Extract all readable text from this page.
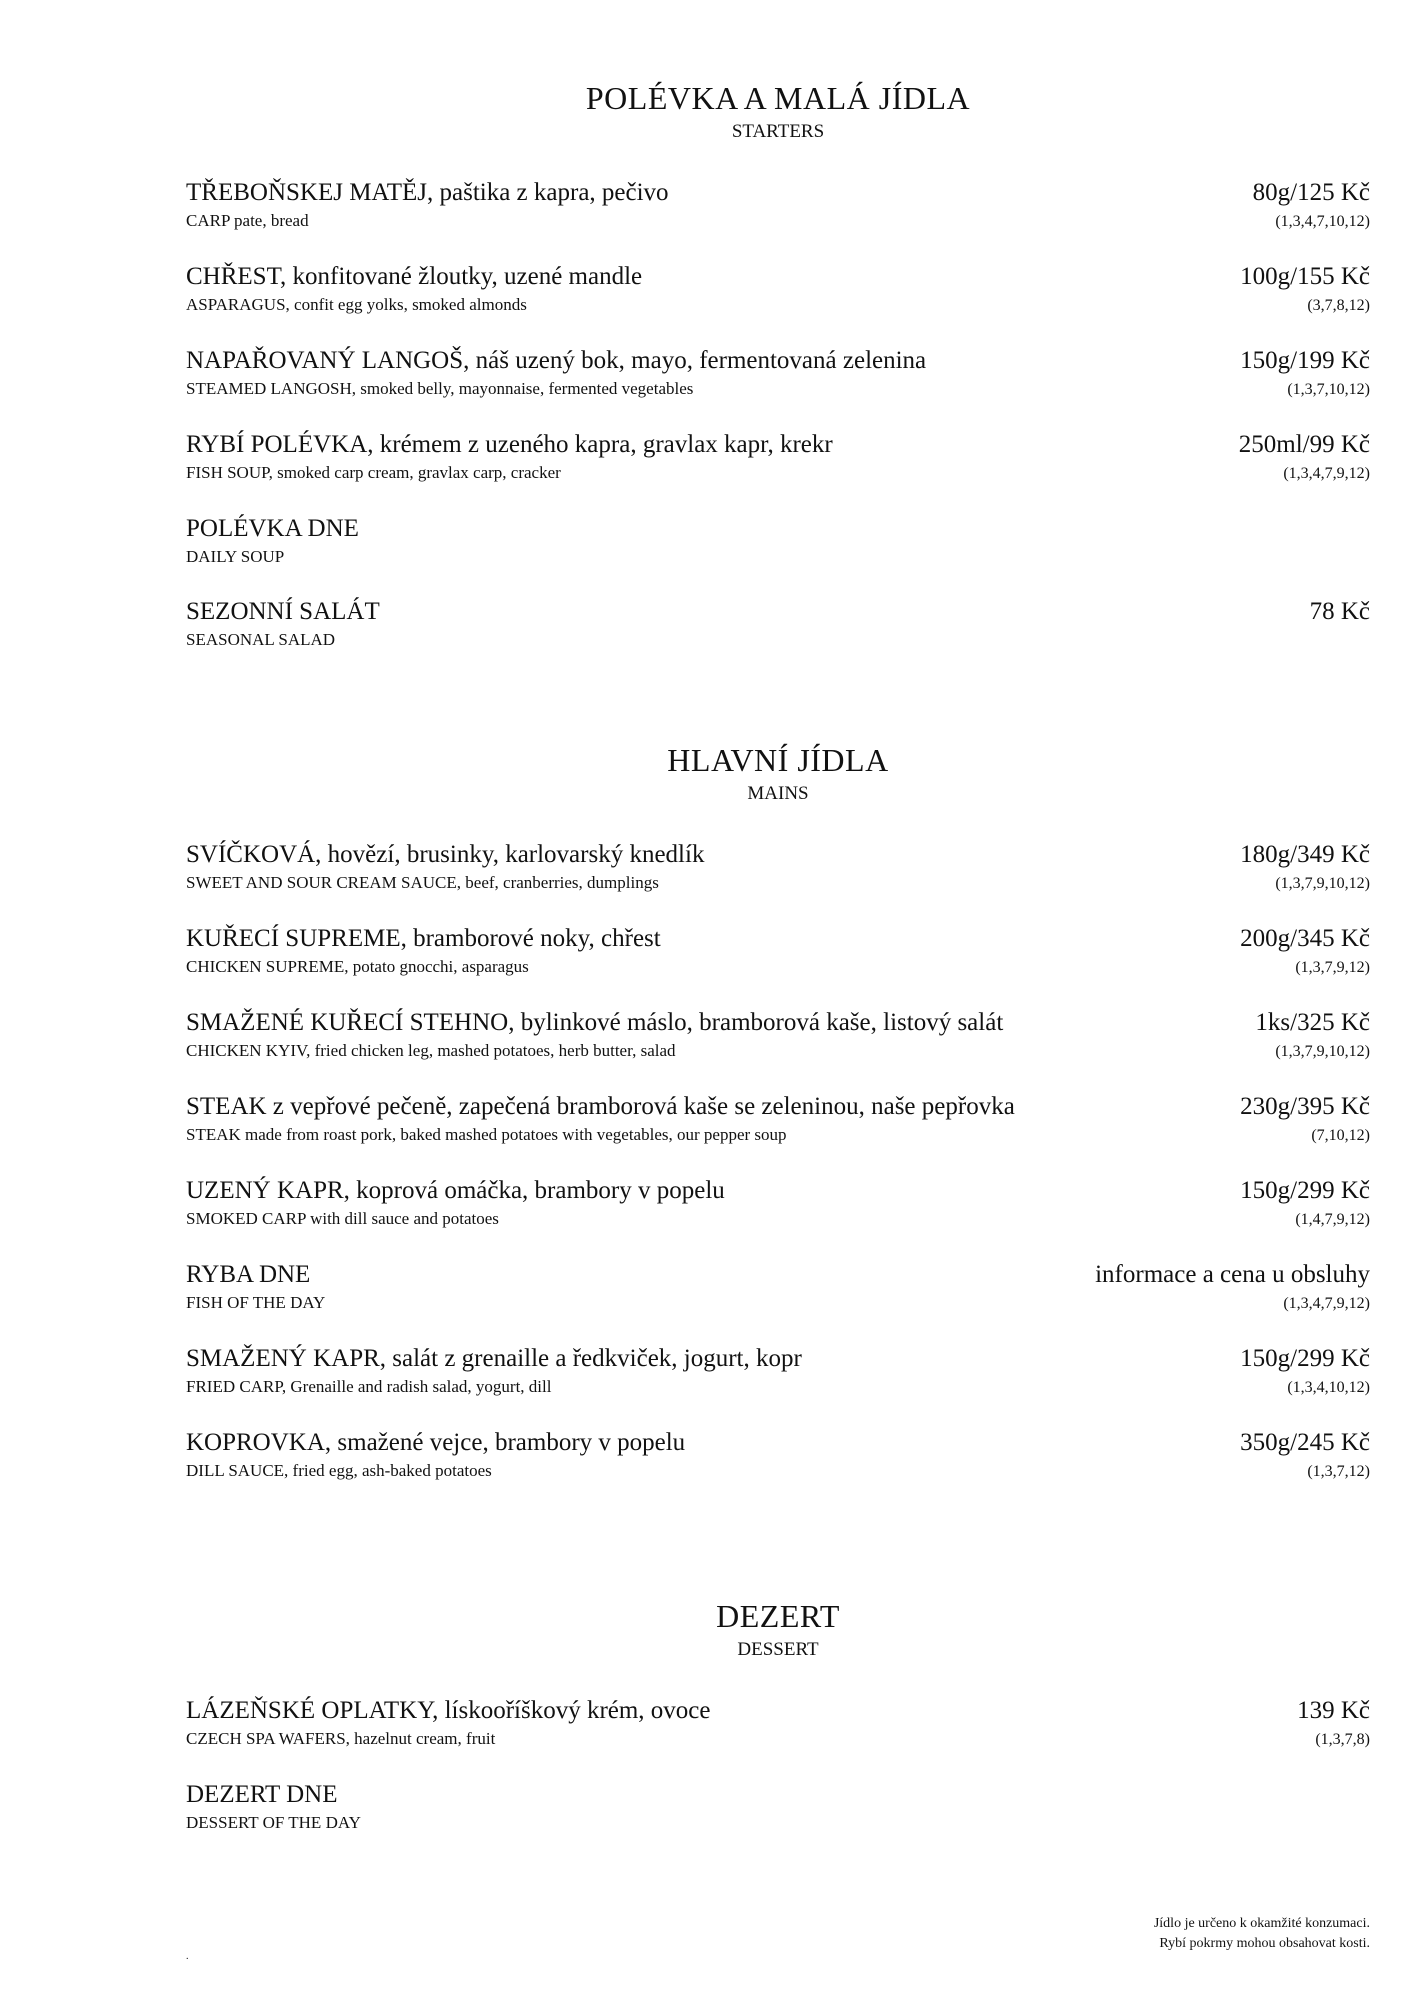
POLÉVKA A MALÁ JÍDLA
STARTERS
TŘEBOŇSKEJ MATĚJ, paštika z kapra, pečivo	80g/125 Kč
CARP pate, bread	(1,3,4,7,10,12)
CHŘEST, konfitované žloutky, uzené mandle	100g/155 Kč
ASPARAGUS, confit egg yolks, smoked almonds	(3,7,8,12)
NAPAŘOVANÝ LANGOŠ, náš uzený bok, mayo, fermentovaná zelenina	150g/199 Kč
STEAMED LANGOSH, smoked belly, mayonnaise, fermented vegetables	(1,3,7,10,12)
RYBÍ POLÉVKA, krémem z uzeného kapra, gravlax kapr, krekr	250ml/99 Kč
FISH SOUP, smoked carp cream, gravlax carp, cracker	(1,3,4,7,9,12)
POLÉVKA DNE
DAILY SOUP
SEZONNÍ SALÁT	78 Kč
SEASONAL SALAD
HLAVNÍ JÍDLA
MAINS
SVÍČKOVÁ, hovězí, brusinky, karlovarský knedlík	180g/349 Kč
SWEET AND SOUR CREAM SAUCE, beef, cranberries, dumplings	(1,3,7,9,10,12)
KUŘECÍ SUPREME, bramborové noky, chřest	200g/345 Kč
CHICKEN SUPREME, potato gnocchi, asparagus	(1,3,7,9,12)
SMAŽENÉ KUŘECÍ STEHNO, bylinkové máslo, bramborová kaše, listový salát	1ks/325 Kč
CHICKEN KYIV, fried chicken leg, mashed potatoes, herb butter, salad	(1,3,7,9,10,12)
STEAK z vepřové pečeně, zapečená bramborová kaše se zeleninou, naše pepřovka	230g/395 Kč
STEAK made from roast pork, baked mashed potatoes with vegetables, our pepper soup	(7,10,12)
UZENÝ KAPR, koprová omáčka, brambory v popelu	150g/299 Kč
SMOKED CARP with dill sauce and potatoes	(1,4,7,9,12)
RYBA DNE	informace a cena u obsluhy
FISH OF THE DAY	(1,3,4,7,9,12)
SMAŽENÝ KAPR, salát z grenaille a ředkviček, jogurt, kopr	150g/299 Kč
FRIED CARP, Grenaille and radish salad, yogurt, dill	(1,3,4,10,12)
KOPROVKA, smažené vejce, brambory v popelu	350g/245 Kč
DILL SAUCE, fried egg, ash-baked potatoes	(1,3,7,12)
DEZERT
DESSERT
LÁZEŇSKÉ OPLATKY, lískooříškový krém, ovoce	139 Kč
CZECH SPA WAFERS, hazelnut cream, fruit	(1,3,7,8)
DEZERT DNE
DESSERT OF THE DAY
Jídlo je určeno k okamžité konzumaci.
Rybí pokrmy mohou obsahovat kosti.
.
